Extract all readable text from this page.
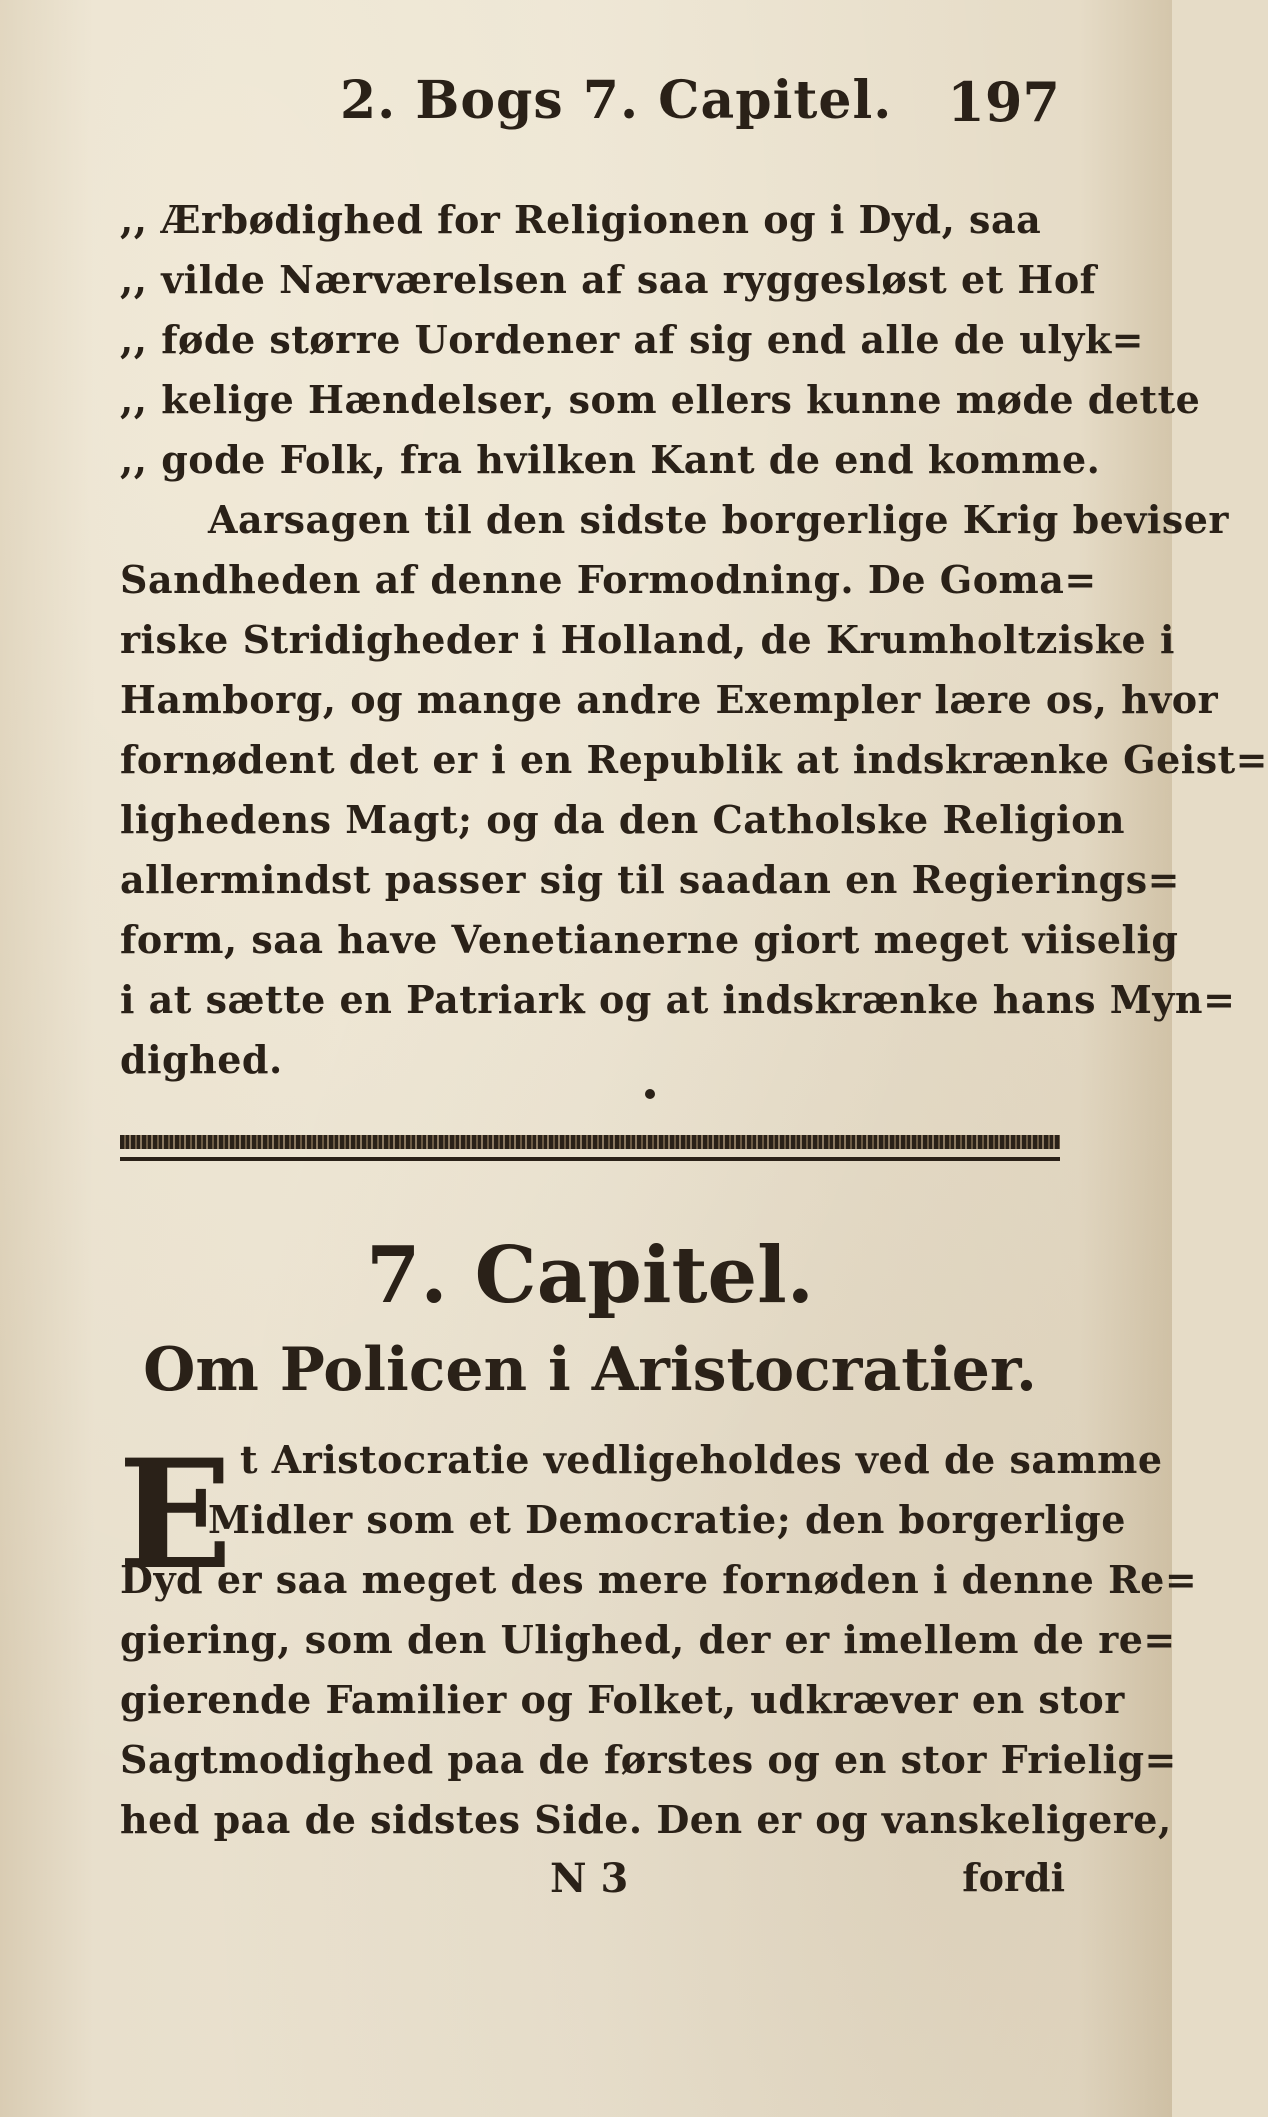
2. Bogs 7. Capitel. 197
,, Ærbødighed for Religionen og i Dyd, saa
,, vilde Nærværelsen af saa ryggesløst et Hof
,, føde større Uordener af sig end alle de ulyk=
,, kelige Hændelser, som ellers kunne møde dette
,, gode Folk, fra hvilken Kant de end komme.
Aarsagen til den sidste borgerlige Krig beviser
Sandheden af denne Formodning. De Goma=
riske Stridigheder i Holland, de Krumholtziske i
Hamborg, og mange andre Exempler lære os, hvor
fornødent det er i en Republik at indskrænke Geist=
lighedens Magt; og da den Catholske Religion
allermindst passer sig til saadan en Regierings=
form, saa have Venetianerne giort meget viiselig
i at sætte en Patriark og at indskrænke hans Myn=
dighed.
7. Capitel.
Om Policen i Aristocratier.
E t Aristocratie vedligeholdes ved de samme
Midler som et Democratie; den borgerlige
Dyd er saa meget des mere fornøden i denne Re=
giering, som den Ulighed, der er imellem de re=
gierende Familier og Folket, udkræver en stor
Sagtmodighed paa de førstes og en stor Frielig=
hed paa de sidstes Side. Den er og vanskeligere,
N 3	fordi
